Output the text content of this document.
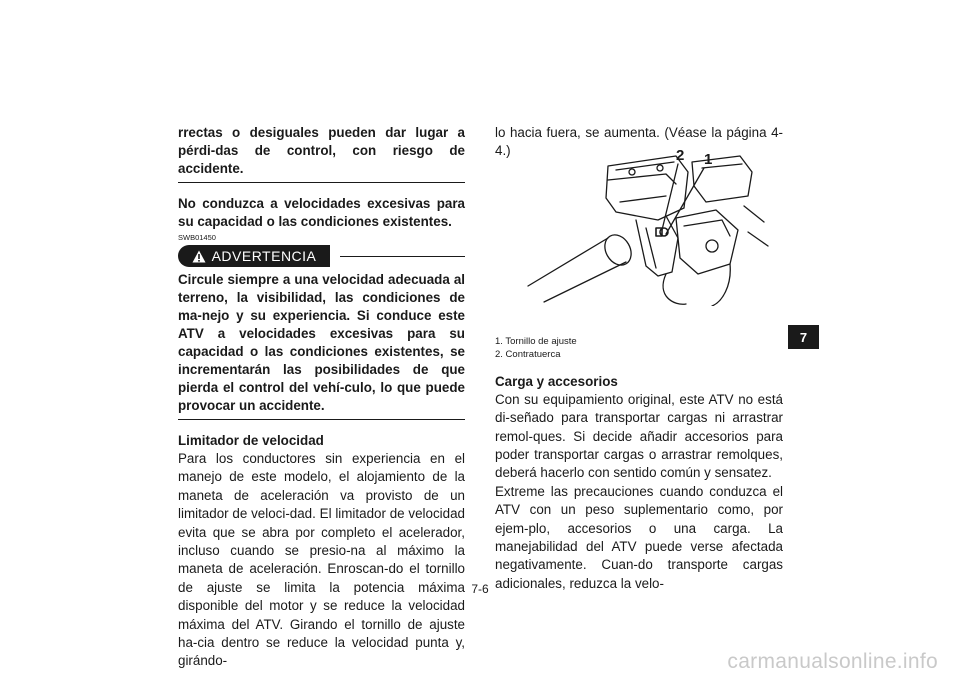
rrectas o desiguales pueden dar lugar a pérdi-das de control, con riesgo de accidente.

No conduzca a velocidades excesivas para su capacidad o las condiciones existentes.

SWB01450
ADVERTENCIA

Circule siempre a una velocidad adecuada al terreno, la visibilidad, las condiciones de ma-nejo y su experiencia. Si conduce este ATV a velocidades excesivas para su capacidad o las condiciones existentes, se incrementarán las posibilidades de que pierda el control del vehí-culo, lo que puede provocar un accidente.

Limitador de velocidad

Para los conductores sin experiencia en el manejo de este modelo, el alojamiento de la maneta de aceleración va provisto de un limitador de veloci-dad. El limitador de velocidad evita que se abra por completo el acelerador, incluso cuando se presio-na al máximo la maneta de aceleración. Enroscan-do el tornillo de ajuste se limita la potencia máxima disponible del motor y se reduce la velocidad máxima del ATV. Girando el tornillo de ajuste ha-cia dentro se reduce la velocidad punta y, girándo-

lo hacia fuera, se aumenta. (Véase la página 4-4.)

1. Tornillo de ajuste

2. Contratuerca

Carga y accesorios

Con su equipamiento original, este ATV no está di-señado para transportar cargas ni arrastrar remol-ques. Si decide añadir accesorios para poder transportar cargas o arrastrar remolques, deberá hacerlo con sentido común y sensatez.

Extreme las precauciones cuando conduzca el ATV con un peso suplementario como, por ejem-plo, accesorios o una carga. La manejabilidad del ATV puede verse afectada negativamente. Cuan-do transporte cargas adicionales, reduzca la velo-

2 1
7
7-6
carmanualsonline.info
